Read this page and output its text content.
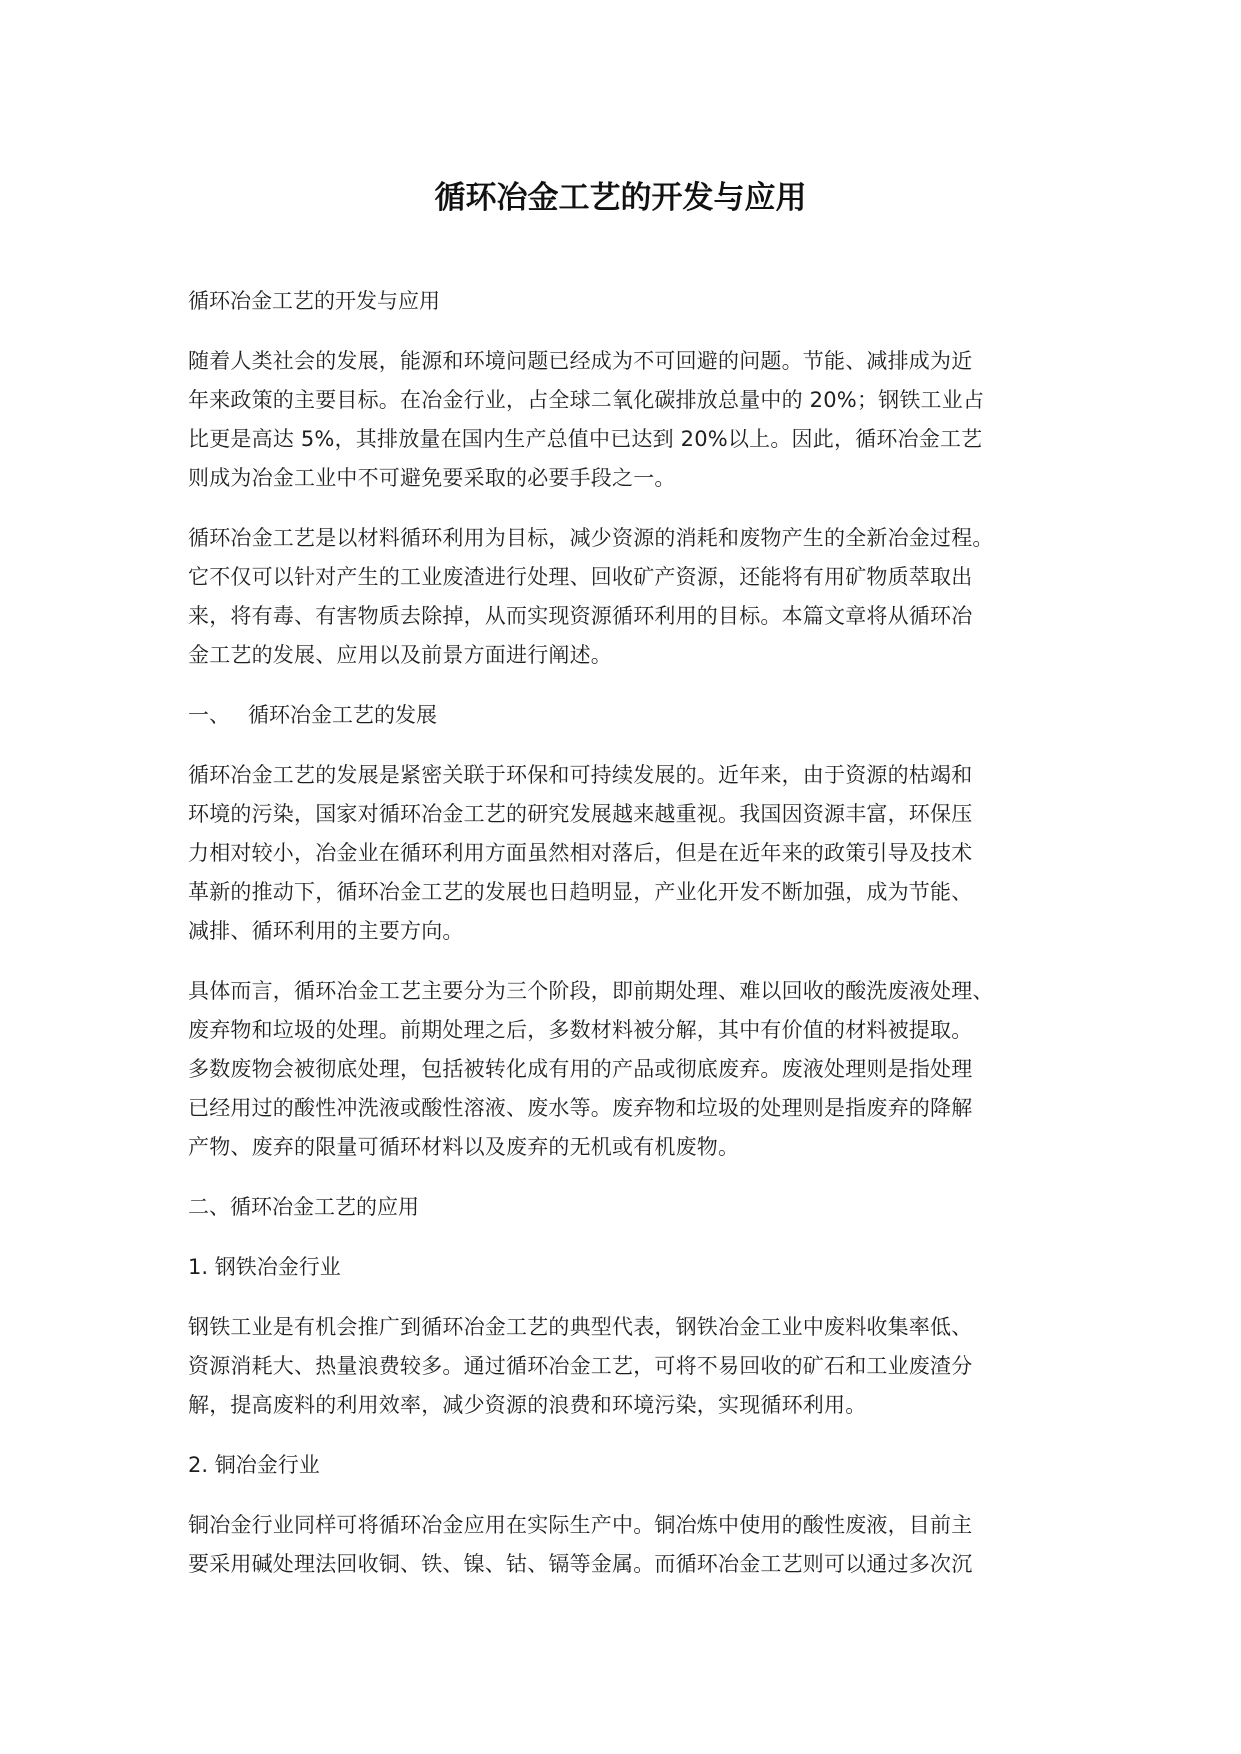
循环冶金工艺的开发与应用
循环冶金工艺的开发与应用
随着人类社会的发展，能源和环境问题已经成为不可回避的问题。节能、减排成为近
年来政策的主要目标。在冶金行业，占全球二氧化碳排放总量中的 20%；钢铁工业占
比更是高达 5%，其排放量在国内生产总值中已达到 20%以上。因此，循环冶金工艺
则成为冶金工业中不可避免要采取的必要手段之一。
循环冶金工艺是以材料循环利用为目标，减少资源的消耗和废物产生的全新冶金过程。
它不仅可以针对产生的工业废渣进行处理、回收矿产资源，还能将有用矿物质萃取出
来，将有毒、有害物质去除掉，从而实现资源循环利用的目标。本篇文章将从循环冶
金工艺的发展、应用以及前景方面进行阐述。
一、 循环冶金工艺的发展
循环冶金工艺的发展是紧密关联于环保和可持续发展的。近年来，由于资源的枯竭和
环境的污染，国家对循环冶金工艺的研究发展越来越重视。我国因资源丰富，环保压
力相对较小，冶金业在循环利用方面虽然相对落后，但是在近年来的政策引导及技术
革新的推动下，循环冶金工艺的发展也日趋明显，产业化开发不断加强，成为节能、
减排、循环利用的主要方向。
具体而言，循环冶金工艺主要分为三个阶段，即前期处理、难以回收的酸洗废液处理、
废弃物和垃圾的处理。前期处理之后，多数材料被分解，其中有价值的材料被提取。
多数废物会被彻底处理，包括被转化成有用的产品或彻底废弃。废液处理则是指处理
已经用过的酸性冲洗液或酸性溶液、废水等。废弃物和垃圾的处理则是指废弃的降解
产物、废弃的限量可循环材料以及废弃的无机或有机废物。
二、循环冶金工艺的应用
1. 钢铁冶金行业
钢铁工业是有机会推广到循环冶金工艺的典型代表，钢铁冶金工业中废料收集率低、
资源消耗大、热量浪费较多。通过循环冶金工艺，可将不易回收的矿石和工业废渣分
解，提高废料的利用效率，减少资源的浪费和环境污染，实现循环利用。
2. 铜冶金行业
铜冶金行业同样可将循环冶金应用在实际生产中。铜冶炼中使用的酸性废液，目前主
要采用碱处理法回收铜、铁、镍、钴、镉等金属。而循环冶金工艺则可以通过多次沉
